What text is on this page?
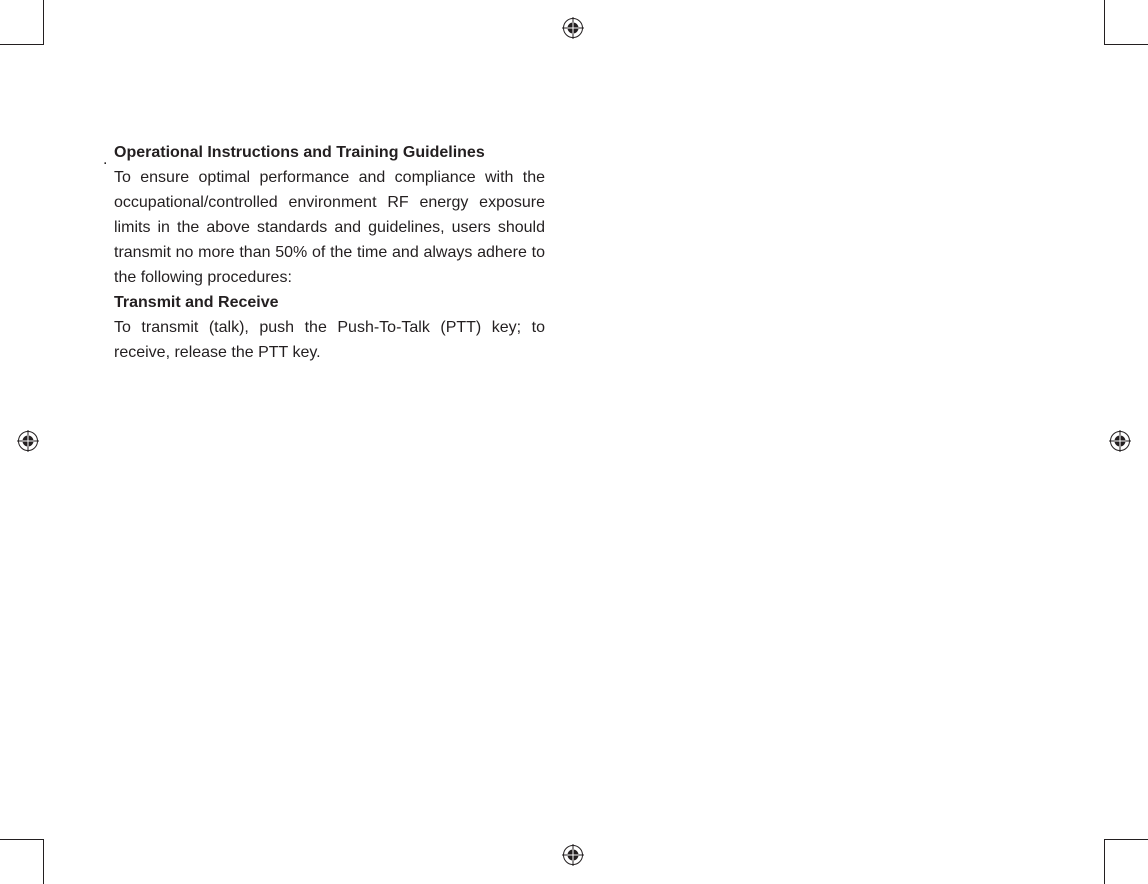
. Operational Instructions and Training Guidelines

To ensure optimal performance and compliance with the occupational/controlled environment RF energy exposure limits in the above standards and guidelines, users should transmit no more than 50% of the time and always adhere to the following procedures:

Transmit and Receive

To transmit (talk), push the Push-To-Talk (PTT) key; to receive, release the PTT key.
